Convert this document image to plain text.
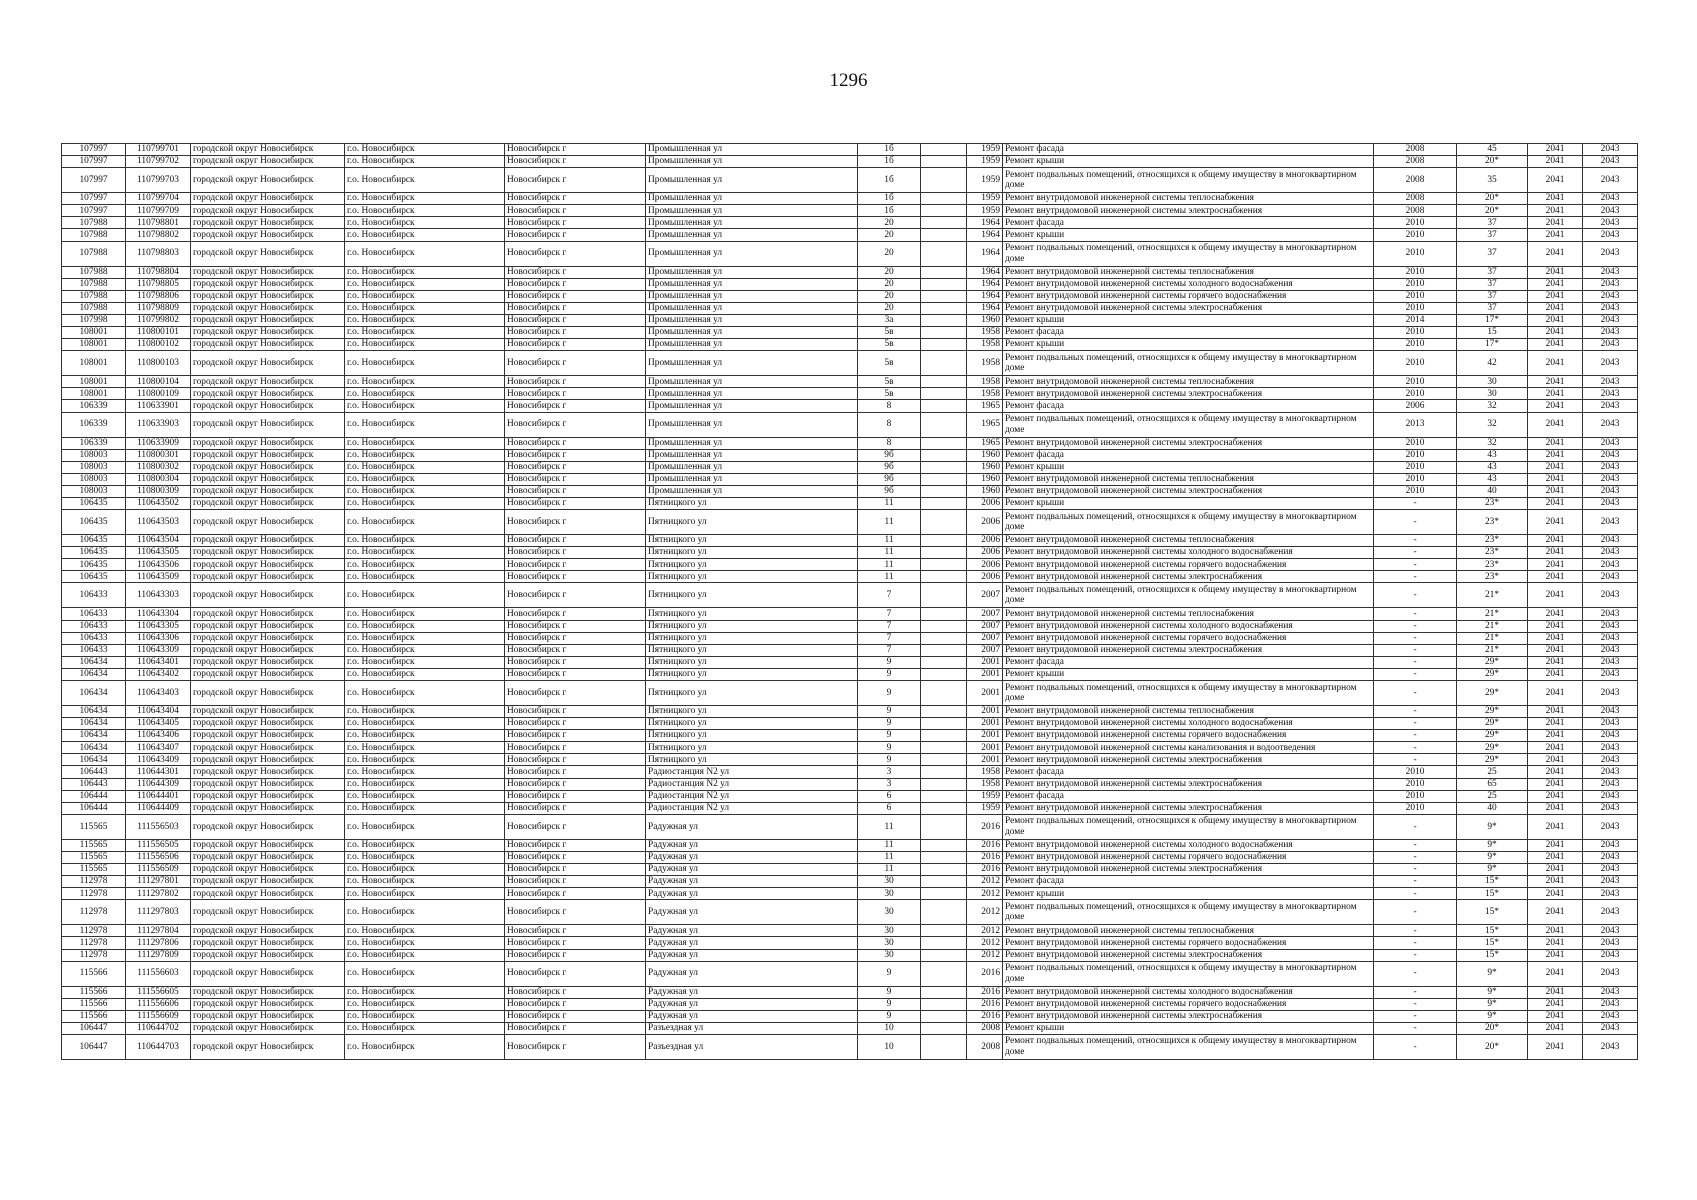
1296
107997	110799701	городской округ Новосибирск	г.о. Новосибирск	Новосибирск г	Промышленная ул	1б		1959	Ремонт фасада	2008	45	2041	2043
107997	110799702	городской округ Новосибирск	г.о. Новосибирск	Новосибирск г	Промышленная ул	1б		1959	Ремонт крыши	2008	20*	2041	2043
107997	110799703	городской округ Новосибирск	г.о. Новосибирск	Новосибирск г	Промышленная ул	1б		1959	Ремонт подвальных помещений, относящихся к общему имуществу в многоквартирном доме	2008	35	2041	2043
107997	110799704	городской округ Новосибирск	г.о. Новосибирск	Новосибирск г	Промышленная ул	1б		1959	Ремонт внутридомовой инженерной системы теплоснабжения	2008	20*	2041	2043
107997	110799709	городской округ Новосибирск	г.о. Новосибирск	Новосибирск г	Промышленная ул	1б		1959	Ремонт внутридомовой инженерной системы электроснабжения	2008	20*	2041	2043
107988	110798801	городской округ Новосибирск	г.о. Новосибирск	Новосибирск г	Промышленная ул	20		1964	Ремонт фасада	2010	37	2041	2043
107988	110798802	городской округ Новосибирск	г.о. Новосибирск	Новосибирск г	Промышленная ул	20		1964	Ремонт крыши	2010	37	2041	2043
107988	110798803	городской округ Новосибирск	г.о. Новосибирск	Новосибирск г	Промышленная ул	20		1964	Ремонт подвальных помещений, относящихся к общему имуществу в многоквартирном доме	2010	37	2041	2043
107988	110798804	городской округ Новосибирск	г.о. Новосибирск	Новосибирск г	Промышленная ул	20		1964	Ремонт внутридомовой инженерной системы теплоснабжения	2010	37	2041	2043
107988	110798805	городской округ Новосибирск	г.о. Новосибирск	Новосибирск г	Промышленная ул	20		1964	Ремонт внутридомовой инженерной системы холодного водоснабжения	2010	37	2041	2043
107988	110798806	городской округ Новосибирск	г.о. Новосибирск	Новосибирск г	Промышленная ул	20		1964	Ремонт внутридомовой инженерной системы горячего водоснабжения	2010	37	2041	2043
107988	110798809	городской округ Новосибирск	г.о. Новосибирск	Новосибирск г	Промышленная ул	20		1964	Ремонт внутридомовой инженерной системы электроснабжения	2010	37	2041	2043
107998	110799802	городской округ Новосибирск	г.о. Новосибирск	Новосибирск г	Промышленная ул	3а		1960	Ремонт крыши	2014	17*	2041	2043
108001	110800101	городской округ Новосибирск	г.о. Новосибирск	Новосибирск г	Промышленная ул	5в		1958	Ремонт фасада	2010	15	2041	2043
108001	110800102	городской округ Новосибирск	г.о. Новосибирск	Новосибирск г	Промышленная ул	5в		1958	Ремонт крыши	2010	17*	2041	2043
108001	110800103	городской округ Новосибирск	г.о. Новосибирск	Новосибирск г	Промышленная ул	5в		1958	Ремонт подвальных помещений, относящихся к общему имуществу в многоквартирном доме	2010	42	2041	2043
108001	110800104	городской округ Новосибирск	г.о. Новосибирск	Новосибирск г	Промышленная ул	5в		1958	Ремонт внутридомовой инженерной системы теплоснабжения	2010	30	2041	2043
108001	110800109	городской округ Новосибирск	г.о. Новосибирск	Новосибирск г	Промышленная ул	5в		1958	Ремонт внутридомовой инженерной системы электроснабжения	2010	30	2041	2043
106339	110633901	городской округ Новосибирск	г.о. Новосибирск	Новосибирск г	Промышленная ул	8		1965	Ремонт фасада	2006	32	2041	2043
106339	110633903	городской округ Новосибирск	г.о. Новосибирск	Новосибирск г	Промышленная ул	8		1965	Ремонт подвальных помещений, относящихся к общему имуществу в многоквартирном доме	2013	32	2041	2043
106339	110633909	городской округ Новосибирск	г.о. Новосибирск	Новосибирск г	Промышленная ул	8		1965	Ремонт внутридомовой инженерной системы электроснабжения	2010	32	2041	2043
108003	110800301	городской округ Новосибирск	г.о. Новосибирск	Новосибирск г	Промышленная ул	9б		1960	Ремонт фасада	2010	43	2041	2043
108003	110800302	городской округ Новосибирск	г.о. Новосибирск	Новосибирск г	Промышленная ул	9б		1960	Ремонт крыши	2010	43	2041	2043
108003	110800304	городской округ Новосибирск	г.о. Новосибирск	Новосибирск г	Промышленная ул	9б		1960	Ремонт внутридомовой инженерной системы теплоснабжения	2010	43	2041	2043
108003	110800309	городской округ Новосибирск	г.о. Новосибирск	Новосибирск г	Промышленная ул	9б		1960	Ремонт внутридомовой инженерной системы электроснабжения	2010	40	2041	2043
106435	110643502	городской округ Новосибирск	г.о. Новосибирск	Новосибирск г	Пятницкого ул	11		2006	Ремонт крыши	-	23*	2041	2043
106435	110643503	городской округ Новосибирск	г.о. Новосибирск	Новосибирск г	Пятницкого ул	11		2006	Ремонт подвальных помещений, относящихся к общему имуществу в многоквартирном доме	-	23*	2041	2043
106435	110643504	городской округ Новосибирск	г.о. Новосибирск	Новосибирск г	Пятницкого ул	11		2006	Ремонт внутридомовой инженерной системы теплоснабжения	-	23*	2041	2043
106435	110643505	городской округ Новосибирск	г.о. Новосибирск	Новосибирск г	Пятницкого ул	11		2006	Ремонт внутридомовой инженерной системы холодного водоснабжения	-	23*	2041	2043
106435	110643506	городской округ Новосибирск	г.о. Новосибирск	Новосибирск г	Пятницкого ул	11		2006	Ремонт внутридомовой инженерной системы горячего водоснабжения	-	23*	2041	2043
106435	110643509	городской округ Новосибирск	г.о. Новосибирск	Новосибирск г	Пятницкого ул	11		2006	Ремонт внутридомовой инженерной системы электроснабжения	-	23*	2041	2043
106433	110643303	городской округ Новосибирск	г.о. Новосибирск	Новосибирск г	Пятницкого ул	7		2007	Ремонт подвальных помещений, относящихся к общему имуществу в многоквартирном доме	-	21*	2041	2043
106433	110643304	городской округ Новосибирск	г.о. Новосибирск	Новосибирск г	Пятницкого ул	7		2007	Ремонт внутридомовой инженерной системы теплоснабжения	-	21*	2041	2043
106433	110643305	городской округ Новосибирск	г.о. Новосибирск	Новосибирск г	Пятницкого ул	7		2007	Ремонт внутридомовой инженерной системы холодного водоснабжения	-	21*	2041	2043
106433	110643306	городской округ Новосибирск	г.о. Новосибирск	Новосибирск г	Пятницкого ул	7		2007	Ремонт внутридомовой инженерной системы горячего водоснабжения	-	21*	2041	2043
106433	110643309	городской округ Новосибирск	г.о. Новосибирск	Новосибирск г	Пятницкого ул	7		2007	Ремонт внутридомовой инженерной системы электроснабжения	-	21*	2041	2043
106434	110643401	городской округ Новосибирск	г.о. Новосибирск	Новосибирск г	Пятницкого ул	9		2001	Ремонт фасада	-	29*	2041	2043
106434	110643402	городской округ Новосибирск	г.о. Новосибирск	Новосибирск г	Пятницкого ул	9		2001	Ремонт крыши	-	29*	2041	2043
106434	110643403	городской округ Новосибирск	г.о. Новосибирск	Новосибирск г	Пятницкого ул	9		2001	Ремонт подвальных помещений, относящихся к общему имуществу в многоквартирном доме	-	29*	2041	2043
106434	110643404	городской округ Новосибирск	г.о. Новосибирск	Новосибирск г	Пятницкого ул	9		2001	Ремонт внутридомовой инженерной системы теплоснабжения	-	29*	2041	2043
106434	110643405	городской округ Новосибирск	г.о. Новосибирск	Новосибирск г	Пятницкого ул	9		2001	Ремонт внутридомовой инженерной системы холодного водоснабжения	-	29*	2041	2043
106434	110643406	городской округ Новосибирск	г.о. Новосибирск	Новосибирск г	Пятницкого ул	9		2001	Ремонт внутридомовой инженерной системы горячего водоснабжения	-	29*	2041	2043
106434	110643407	городской округ Новосибирск	г.о. Новосибирск	Новосибирск г	Пятницкого ул	9		2001	Ремонт внутридомовой инженерной системы канализования и водоотведения	-	29*	2041	2043
106434	110643409	городской округ Новосибирск	г.о. Новосибирск	Новосибирск г	Пятницкого ул	9		2001	Ремонт внутридомовой инженерной системы электроснабжения	-	29*	2041	2043
106443	110644301	городской округ Новосибирск	г.о. Новосибирск	Новосибирск г	Радиостанция N2 ул	3		1958	Ремонт фасада	2010	25	2041	2043
106443	110644309	городской округ Новосибирск	г.о. Новосибирск	Новосибирск г	Радиостанция N2 ул	3		1958	Ремонт внутридомовой инженерной системы электроснабжения	2010	65	2041	2043
106444	110644401	городской округ Новосибирск	г.о. Новосибирск	Новосибирск г	Радиостанция N2 ул	6		1959	Ремонт фасада	2010	25	2041	2043
106444	110644409	городской округ Новосибирск	г.о. Новосибирск	Новосибирск г	Радиостанция N2 ул	6		1959	Ремонт внутридомовой инженерной системы электроснабжения	2010	40	2041	2043
115565	111556503	городской округ Новосибирск	г.о. Новосибирск	Новосибирск г	Радужная ул	11		2016	Ремонт подвальных помещений, относящихся к общему имуществу в многоквартирном доме	-	9*	2041	2043
115565	111556505	городской округ Новосибирск	г.о. Новосибирск	Новосибирск г	Радужная ул	11		2016	Ремонт внутридомовой инженерной системы холодного водоснабжения	-	9*	2041	2043
115565	111556506	городской округ Новосибирск	г.о. Новосибирск	Новосибирск г	Радужная ул	11		2016	Ремонт внутридомовой инженерной системы горячего водоснабжения	-	9*	2041	2043
115565	111556509	городской округ Новосибирск	г.о. Новосибирск	Новосибирск г	Радужная ул	11		2016	Ремонт внутридомовой инженерной системы электроснабжения	-	9*	2041	2043
112978	111297801	городской округ Новосибирск	г.о. Новосибирск	Новосибирск г	Радужная ул	30		2012	Ремонт фасада	-	15*	2041	2043
112978	111297802	городской округ Новосибирск	г.о. Новосибирск	Новосибирск г	Радужная ул	30		2012	Ремонт крыши	-	15*	2041	2043
112978	111297803	городской округ Новосибирск	г.о. Новосибирск	Новосибирск г	Радужная ул	30		2012	Ремонт подвальных помещений, относящихся к общему имуществу в многоквартирном доме	-	15*	2041	2043
112978	111297804	городской округ Новосибирск	г.о. Новосибирск	Новосибирск г	Радужная ул	30		2012	Ремонт внутридомовой инженерной системы теплоснабжения	-	15*	2041	2043
112978	111297806	городской округ Новосибирск	г.о. Новосибирск	Новосибирск г	Радужная ул	30		2012	Ремонт внутридомовой инженерной системы горячего водоснабжения	-	15*	2041	2043
112978	111297809	городской округ Новосибирск	г.о. Новосибирск	Новосибирск г	Радужная ул	30		2012	Ремонт внутридомовой инженерной системы электроснабжения	-	15*	2041	2043
115566	111556603	городской округ Новосибирск	г.о. Новосибирск	Новосибирск г	Радужная ул	9		2016	Ремонт подвальных помещений, относящихся к общему имуществу в многоквартирном доме	-	9*	2041	2043
115566	111556605	городской округ Новосибирск	г.о. Новосибирск	Новосибирск г	Радужная ул	9		2016	Ремонт внутридомовой инженерной системы холодного водоснабжения	-	9*	2041	2043
115566	111556606	городской округ Новосибирск	г.о. Новосибирск	Новосибирск г	Радужная ул	9		2016	Ремонт внутридомовой инженерной системы горячего водоснабжения	-	9*	2041	2043
115566	111556609	городской округ Новосибирск	г.о. Новосибирск	Новосибирск г	Радужная ул	9		2016	Ремонт внутридомовой инженерной системы электроснабжения	-	9*	2041	2043
106447	110644702	городской округ Новосибирск	г.о. Новосибирск	Новосибирск г	Разъездная ул	10		2008	Ремонт крыши	-	20*	2041	2043
106447	110644703	городской округ Новосибирск	г.о. Новосибирск	Новосибирск г	Разъездная ул	10		2008	Ремонт подвальных помещений, относящихся к общему имуществу в многоквартирном доме	-	20*	2041	2043
